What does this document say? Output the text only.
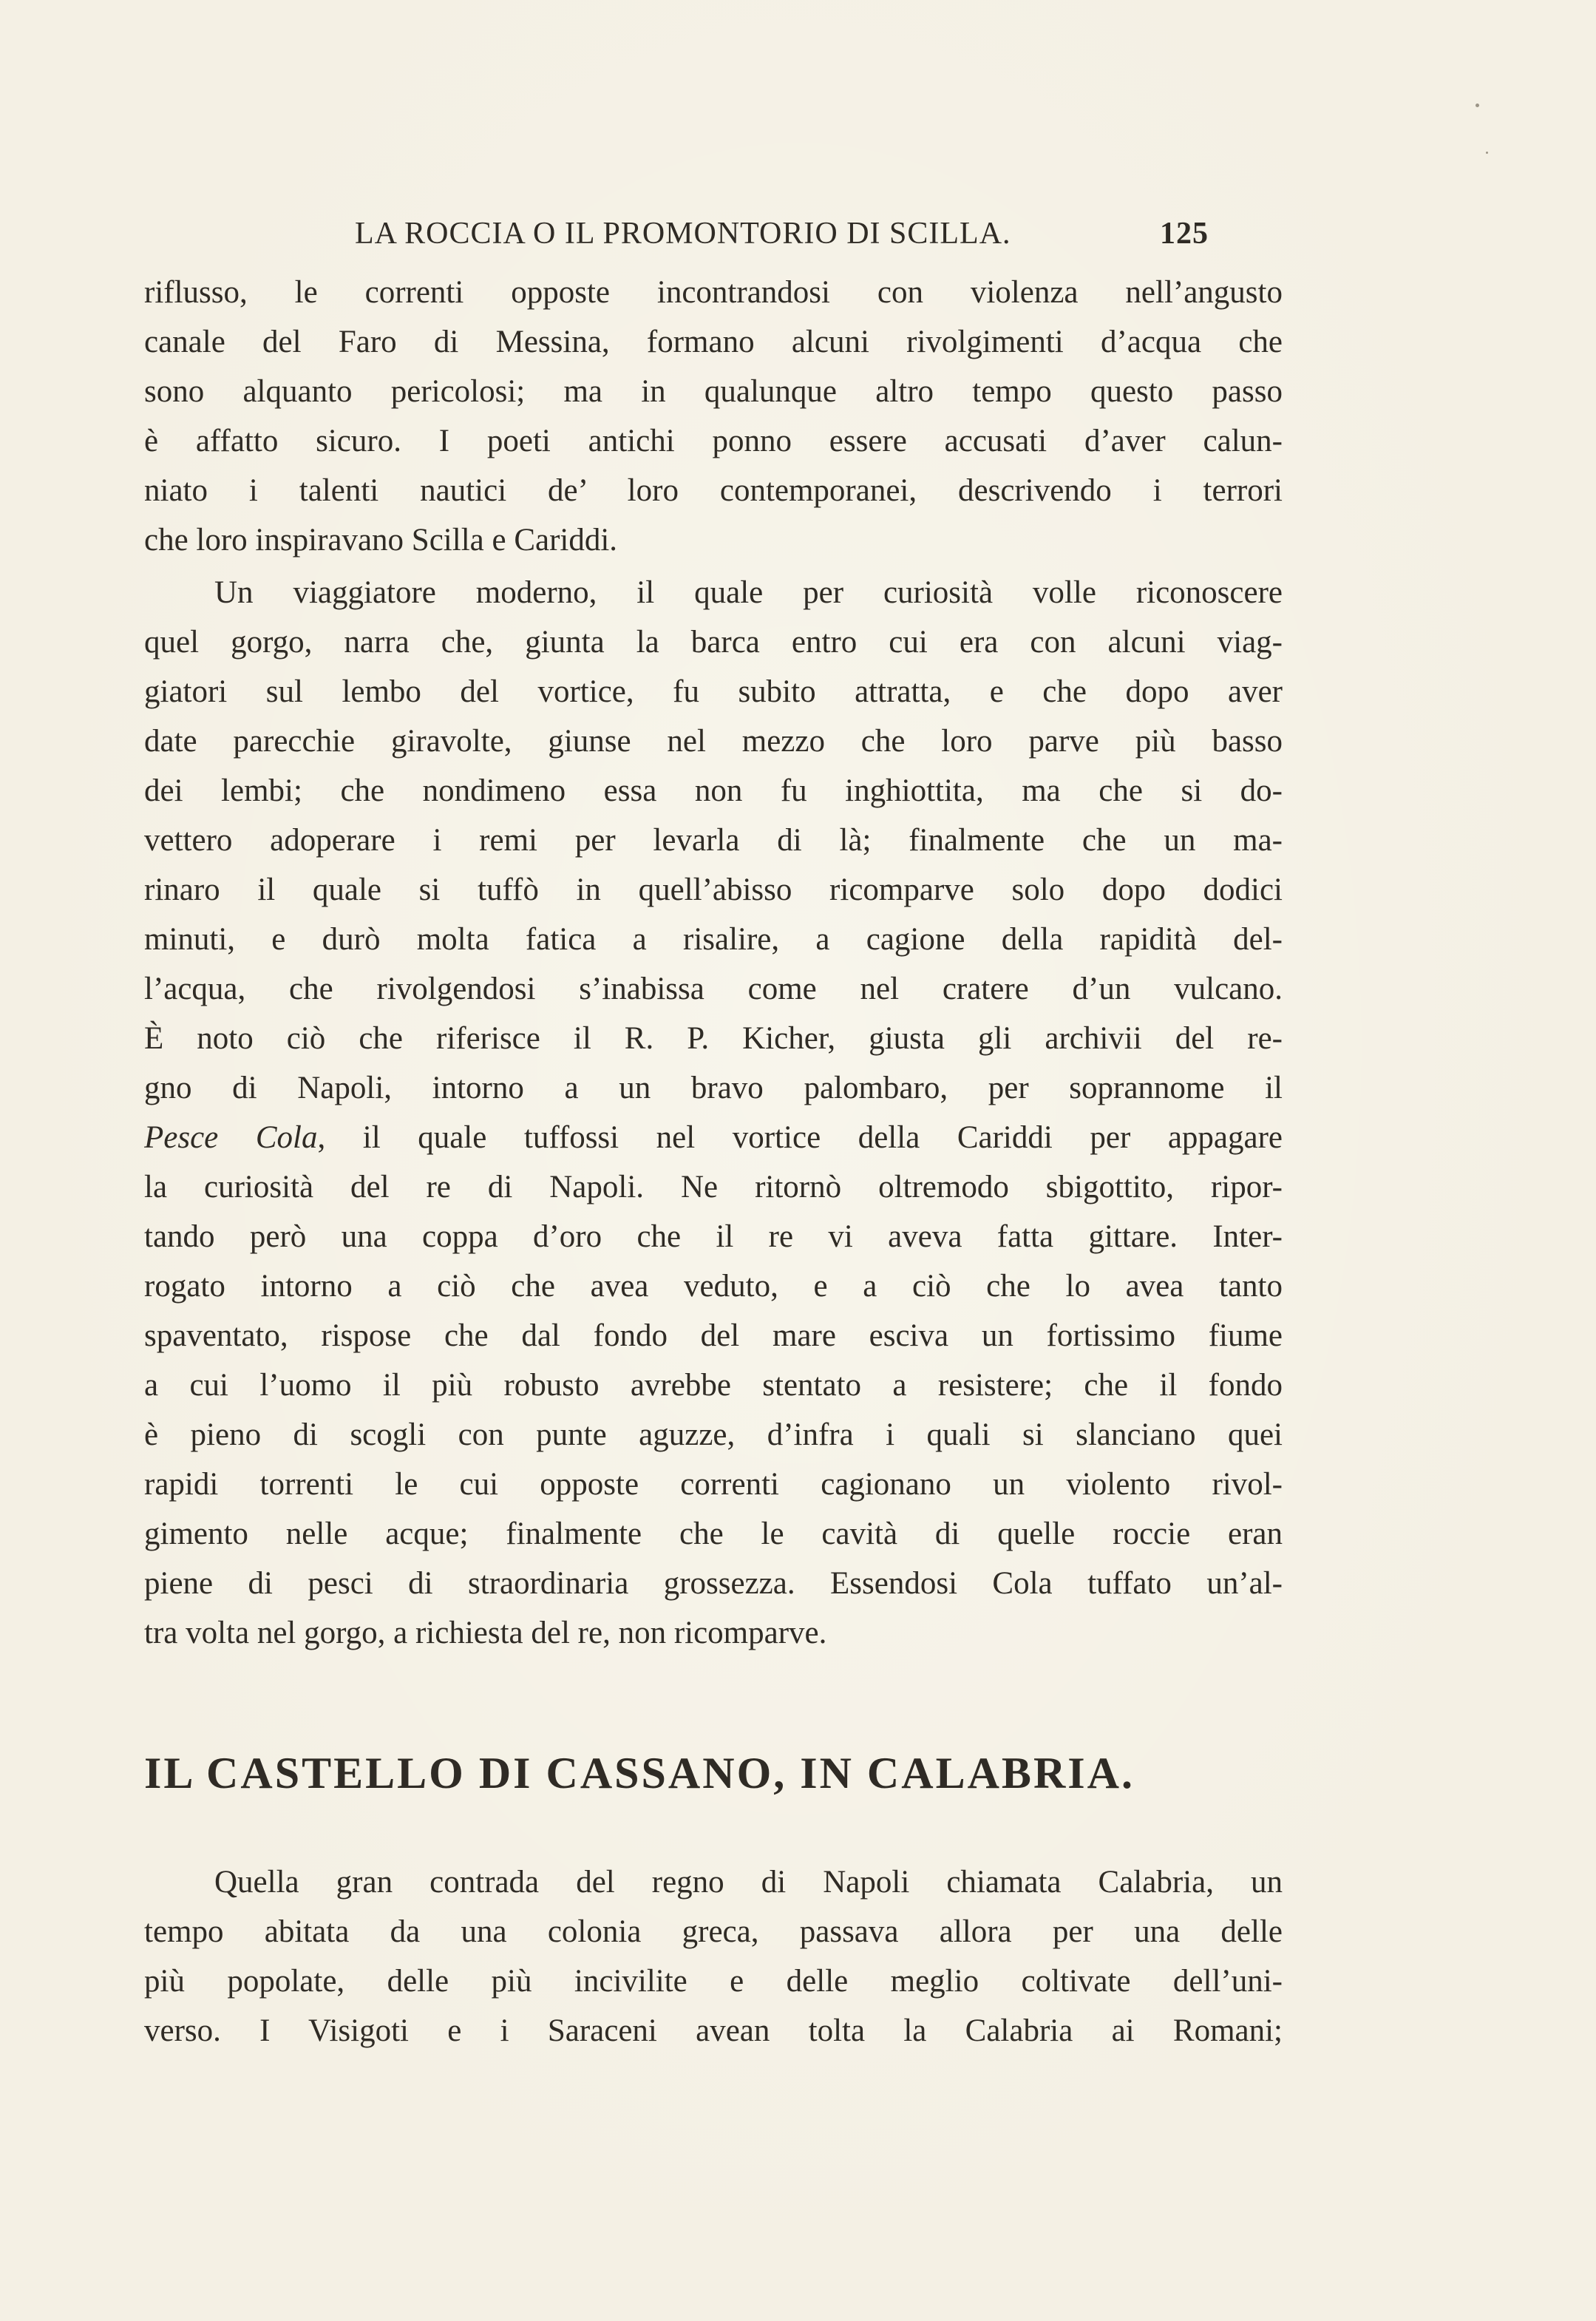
LA ROCCIA O IL PROMONTORIO DI SCILLA.	125
riflusso, le correnti opposte incontrandosi con violenza nell’angusto
canale del Faro di Messina, formano alcuni rivolgimenti d’acqua che
sono alquanto pericolosi; ma in qualunque altro tempo questo passo
è affatto sicuro. I poeti antichi ponno essere accusati d’aver calun-
niato i talenti nautici de’ loro contemporanei, descrivendo i terrori
che loro inspiravano Scilla e Cariddi.
Un viaggiatore moderno, il quale per curiosità volle riconoscere
quel gorgo, narra che, giunta la barca entro cui era con alcuni viag-
giatori sul lembo del vortice, fu subito attratta, e che dopo aver
date parecchie giravolte, giunse nel mezzo che loro parve più basso
dei lembi; che nondimeno essa non fu inghiottita, ma che si do-
vettero adoperare i remi per levarla di là; finalmente che un ma-
rinaro il quale si tuffò in quell’abisso ricomparve solo dopo dodici
minuti, e durò molta fatica a risalire, a cagione della rapidità del-
l’acqua, che rivolgendosi s’inabissa come nel cratere d’un vulcano.
È noto ciò che riferisce il R. P. Kicher, giusta gli archivii del re-
gno di Napoli, intorno a un bravo palombaro, per soprannome il
Pesce Cola, il quale tuffossi nel vortice della Cariddi per appagare
la curiosità del re di Napoli. Ne ritornò oltremodo sbigottito, ripor-
tando però una coppa d’oro che il re vi aveva fatta gittare. Inter-
rogato intorno a ciò che avea veduto, e a ciò che lo avea tanto
spaventato, rispose che dal fondo del mare esciva un fortissimo fiume
a cui l’uomo il più robusto avrebbe stentato a resistere; che il fondo
è pieno di scogli con punte aguzze, d’infra i quali si slanciano quei
rapidi torrenti le cui opposte correnti cagionano un violento rivol-
gimento nelle acque; finalmente che le cavità di quelle roccie eran
piene di pesci di straordinaria grossezza. Essendosi Cola tuffato un’al-
tra volta nel gorgo, a richiesta del re, non ricomparve.
IL CASTELLO DI CASSANO, IN CALABRIA.
Quella gran contrada del regno di Napoli chiamata Calabria, un
tempo abitata da una colonia greca, passava allora per una delle
più popolate, delle più incivilite e delle meglio coltivate dell’uni-
verso. I Visigoti e i Saraceni avean tolta la Calabria ai Romani;
